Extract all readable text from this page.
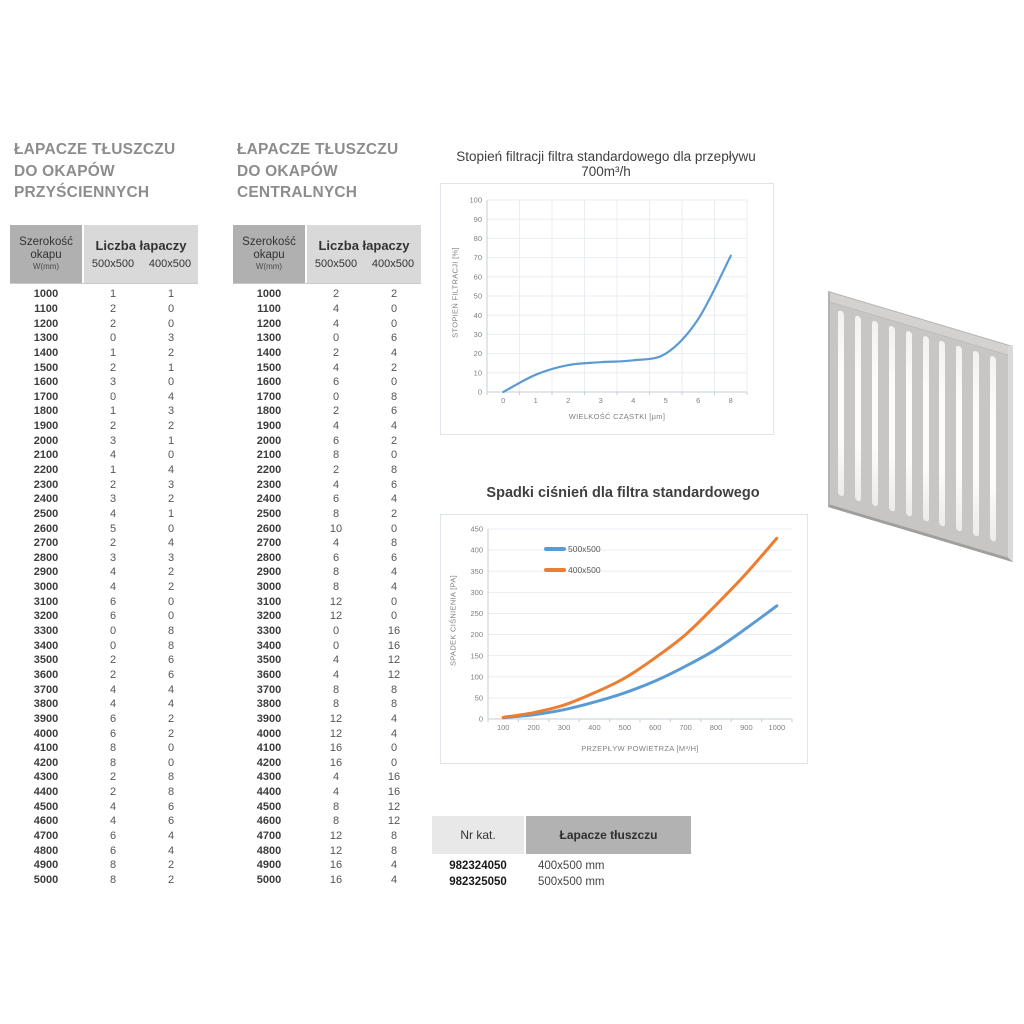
ŁAPACZE TŁUSZCZU
DO OKAPÓW
PRZYŚCIENNYCH
Szerokość
okapu
W(mm)
Liczba łapaczy
500x500	400x500
1000	1	1
1100	2	0
1200	2	0
1300	0	3
1400	1	2
1500	2	1
1600	3	0
1700	0	4
1800	1	3
1900	2	2
2000	3	1
2100	4	0
2200	1	4
2300	2	3
2400	3	2
2500	4	1
2600	5	0
2700	2	4
2800	3	3
2900	4	2
3000	4	2
3100	6	0
3200	6	0
3300	0	8
3400	0	8
3500	2	6
3600	2	6
3700	4	4
3800	4	4
3900	6	2
4000	6	2
4100	8	0
4200	8	0
4300	2	8
4400	2	8
4500	4	6
4600	4	6
4700	6	4
4800	6	4
4900	8	2
5000	8	2
ŁAPACZE TŁUSZCZU
DO OKAPÓW
CENTRALNYCH
Szerokość
okapu
W(mm)
Liczba łapaczy
500x500	400x500
1000	2	2
1100	4	0
1200	4	0
1300	0	6
1400	2	4
1500	4	2
1600	6	0
1700	0	8
1800	2	6
1900	4	4
2000	6	2
2100	8	0
2200	2	8
2300	4	6
2400	6	4
2500	8	2
2600	10	0
2700	4	8
2800	6	6
2900	8	4
3000	8	4
3100	12	0
3200	12	0
3300	0	16
3400	0	16
3500	4	12
3600	4	12
3700	8	8
3800	8	8
3900	12	4
4000	12	4
4100	16	0
4200	16	0
4300	4	16
4400	4	16
4500	8	12
4600	8	12
4700	12	8
4800	12	8
4900	16	4
5000	16	4
Stopień filtracji filtra standardowego dla przepływu 700m³/h
0
10
20
30
40
50
60
70
80
90
100
0	1	2	3	4	5	6	8
WIELKOŚĆ CZĄSTKI [µm]
STOPIEŃ FILTRACJI [%]
Spadki ciśnień dla filtra standardowego
0
50
100
150
200
250
300
350
400
450
100 200 300 400 500 600 700 800 900 1000
500x500
400x500
PRZEPŁYW POWIETRZA [M³/H]
SPADEK CIŚNIENIA [PA]
Nr kat.	Łapacze tłuszczu
982324050	400x500 mm
982325050	500x500 mm
